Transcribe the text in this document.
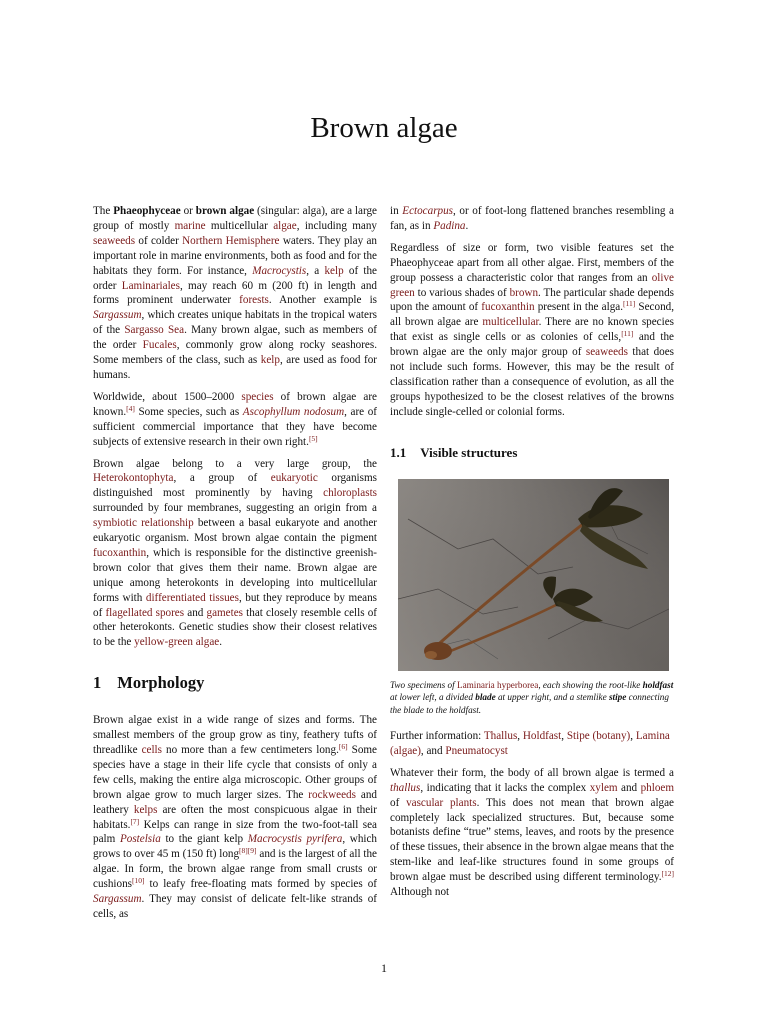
Brown algae

The Phaeophyceae or brown algae (singular: alga), are a large group of mostly marine multicellular algae, including many seaweeds of colder Northern Hemisphere waters. They play an important role in marine environments, both as food and for the habitats they form. For instance, Macrocystis, a kelp of the order Laminariales, may reach 60 m (200 ft) in length and forms prominent underwater forests. Another example is Sargassum, which creates unique habitats in the tropical waters of the Sargasso Sea. Many brown algae, such as members of the order Fucales, commonly grow along rocky seashores. Some members of the class, such as kelp, are used as food for humans.

Worldwide, about 1500–2000 species of brown algae are known.[4] Some species, such as Ascophyllum nodosum, are of sufficient commercial importance that they have become subjects of extensive research in their own right.[5]

Brown algae belong to a very large group, the Heterokontophyta, a group of eukaryotic organisms distinguished most prominently by having chloroplasts surrounded by four membranes, suggesting an origin from a symbiotic relationship between a basal eukaryote and another eukaryotic organism. Most brown algae contain the pigment fucoxanthin, which is responsible for the distinctive greenish-brown color that gives them their name. Brown algae are unique among heterokonts in developing into multicellular forms with differentiated tissues, but they reproduce by means of flagellated spores and gametes that closely resemble cells of other heterokonts. Genetic studies show their closest relatives to be the yellow-green algae.

1 Morphology

Brown algae exist in a wide range of sizes and forms. The smallest members of the group grow as tiny, feathery tufts of threadlike cells no more than a few centimeters long.[6] Some species have a stage in their life cycle that consists of only a few cells, making the entire alga microscopic. Other groups of brown algae grow to much larger sizes. The rockweeds and leathery kelps are often the most conspicuous algae in their habitats.[7] Kelps can range in size from the two-foot-tall sea palm Postelsia to the giant kelp Macrocystis pyrifera, which grows to over 45 m (150 ft) long[8][9] and is the largest of all the algae. In form, the brown algae range from small crusts or cushions[10] to leafy free-floating mats formed by species of Sargassum. They may consist of delicate felt-like strands of cells, as

in Ectocarpus, or of foot-long flattened branches resembling a fan, as in Padina.

Regardless of size or form, two visible features set the Phaeophyceae apart from all other algae. First, members of the group possess a characteristic color that ranges from an olive green to various shades of brown. The particular shade depends upon the amount of fucoxanthin present in the alga.[11] Second, all brown algae are multicellular. There are no known species that exist as single cells or as colonies of cells,[11] and the brown algae are the only major group of seaweeds that does not include such forms. However, this may be the result of classification rather than a consequence of evolution, as all the groups hypothesized to be the closest relatives of the browns include single-celled or colonial forms.

1.1 Visible structures
Two specimens of Laminaria hyperborea, each showing the root-like holdfast at lower left, a divided blade at upper right, and a stemlike stipe connecting the blade to the holdfast.

Further information: Thallus, Holdfast, Stipe (botany), Lamina (algae), and Pneumatocyst

Whatever their form, the body of all brown algae is termed a thallus, indicating that it lacks the complex xylem and phloem of vascular plants. This does not mean that brown algae completely lack specialized structures. But, because some botanists define “true” stems, leaves, and roots by the presence of these tissues, their absence in the brown algae means that the stem-like and leaf-like structures found in some groups of brown algae must be described using different terminology.[12] Although not

1
